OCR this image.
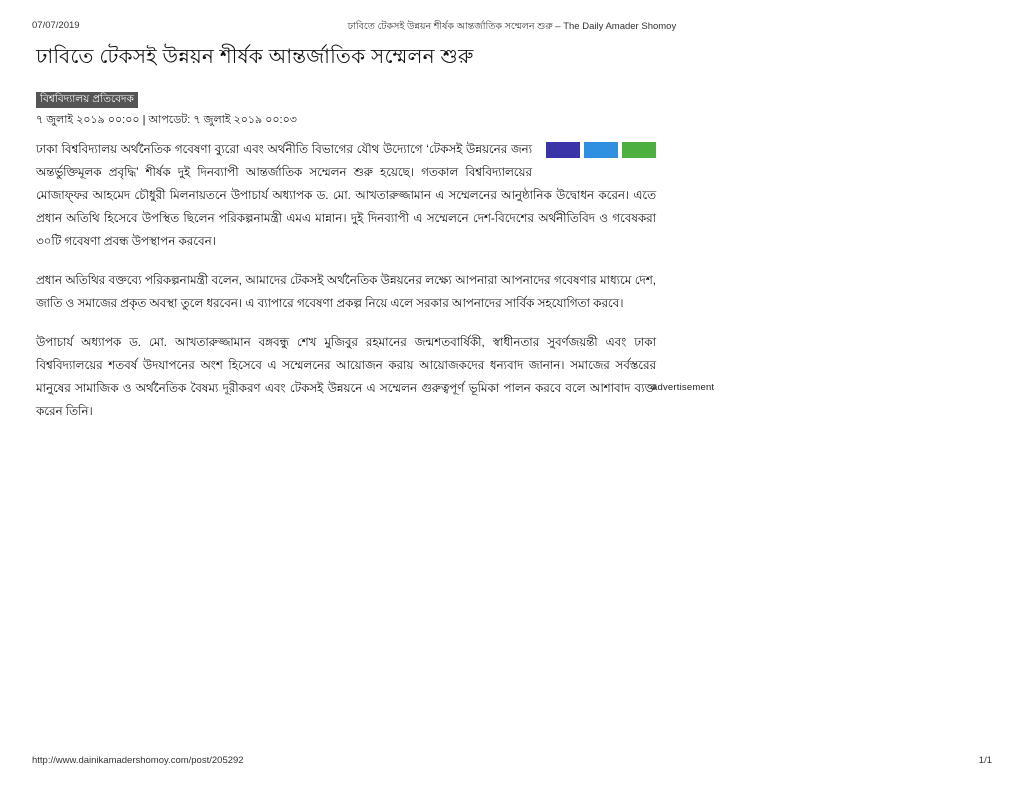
07/07/2019	ঢাবিতে টেকসই উন্নয়ন শীর্ষক আন্তর্জাতিক সম্মেলন শুরু – The Daily Amader Shomoy
ঢাবিতে টেকসই উন্নয়ন শীর্ষক আন্তর্জাতিক সম্মেলন শুরু
বিশ্ববিদ্যালয় প্রতিবেদক
৭ জুলাই ২০১৯ ০০:০০ | আপডেট: ৭ জুলাই ২০১৯ ০০:০৩

ঢাকা বিশ্ববিদ্যালয় অর্থনৈতিক গবেষণা ব্যুরো এবং অর্থনীতি বিভাগের যৌথ উদ্যোগে ‘টেকসই উন্নয়নের জন্য অন্তর্ভুক্তিমূলক প্রবৃদ্ধি’ শীর্ষক দুই দিনব্যাপী আন্তর্জাতিক সম্মেলন শুরু হয়েছে। গতকাল বিশ্ববিদ্যালয়ের মোজাফ্ফর আহমেদ চৌধুরী মিলনায়তনে উপাচার্য অধ্যাপক ড. মো. আখতারুজ্জামান এ সম্মেলনের আনুষ্ঠানিক উদ্বোধন করেন। এতে প্রধান অতিথি হিসেবে উপস্থিত ছিলেন পরিকল্পনামন্ত্রী এমএ মান্নান। দুই দিনব্যাপী এ সম্মেলনে দেশ-বিদেশের অর্থনীতিবিদ ও গবেষকরা ৩০টি গবেষণা প্রবন্ধ উপস্থাপন করবেন।

প্রধান অতিথির বক্তব্যে পরিকল্পনামন্ত্রী বলেন, আমাদের টেকসই অর্থনৈতিক উন্নয়নের লক্ষ্যে আপনারা আপনাদের গবেষণার মাধ্যমে দেশ, জাতি ও সমাজের প্রকৃত অবস্থা তুলে ধরবেন। এ ব্যাপারে গবেষণা প্রকল্প নিয়ে এলে সরকার আপনাদের সার্বিক সহযোগিতা করবে।

উপাচার্য অধ্যাপক ড. মো. আখতারুজ্জামান বঙ্গবন্ধু শেখ মুজিবুর রহমানের জন্মশতবার্ষিকী, স্বাধীনতার সুবর্ণজয়ন্তী এবং ঢাকা বিশ্ববিদ্যালয়ের শতবর্ষ উদযাপনের অংশ হিসেবে এ সম্মেলনের আয়োজন করায় আয়োজকদের ধন্যবাদ জানান। সমাজের সর্বস্তরের মানুষের সামাজিক ও অর্থনৈতিক বৈষম্য দূরীকরণ এবং টেকসই উন্নয়নে এ সম্মেলন গুরুত্বপূর্ণ ভূমিকা পালন করবে বলে আশাবাদ ব্যক্ত করেন তিনি।

advertisement
http://www.dainikamadershomoy.com/post/205292	1/1
